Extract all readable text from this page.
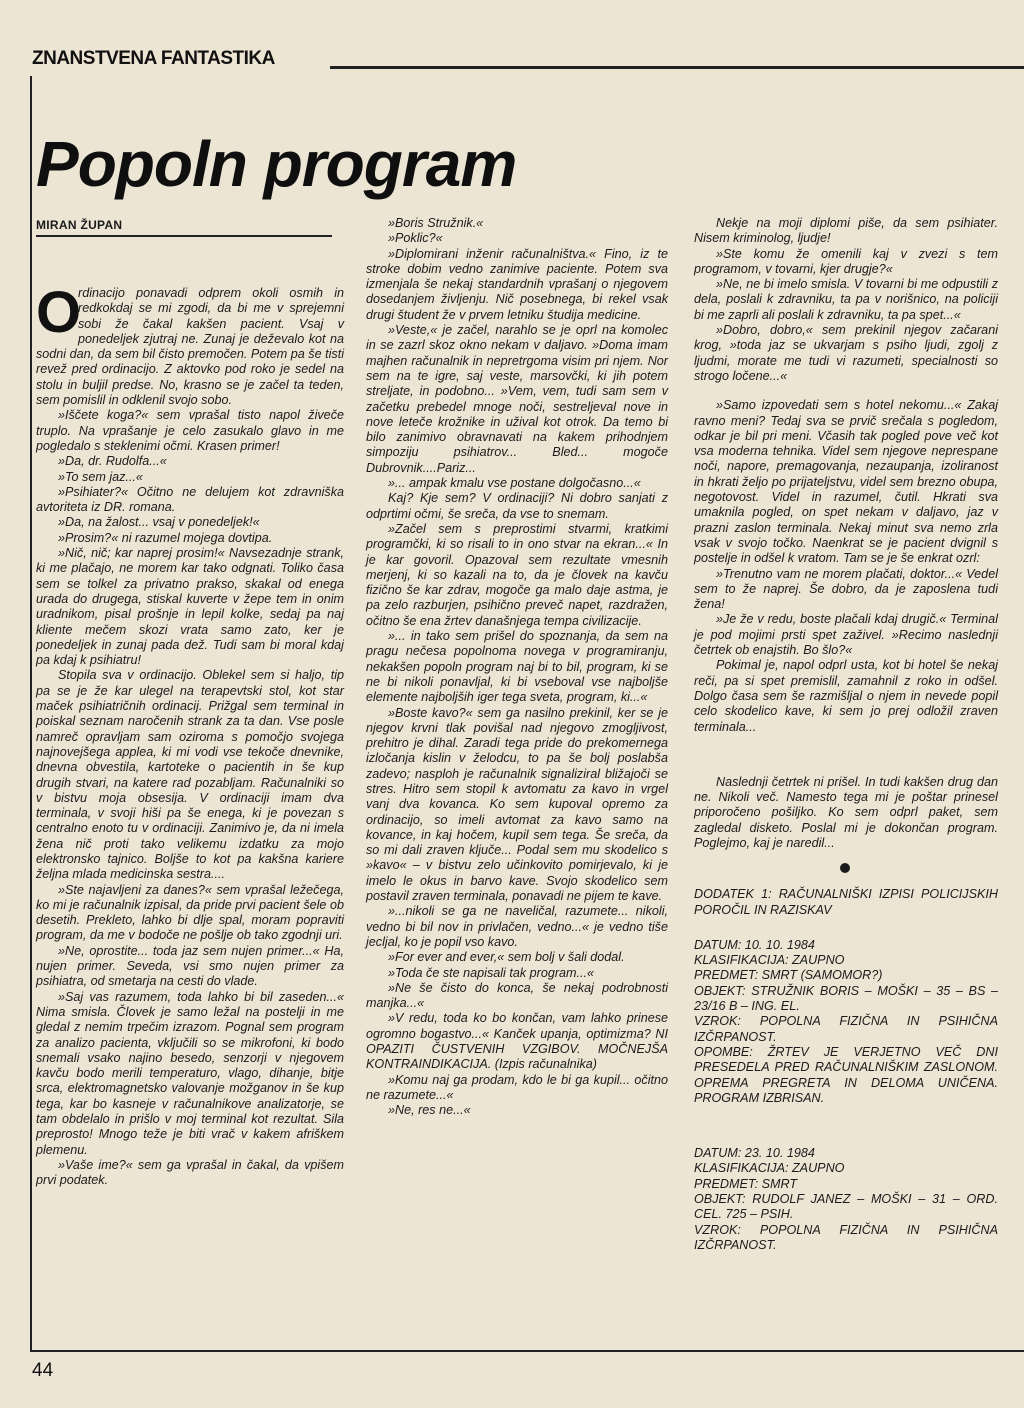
ZNANSTVENA FANTASTIKA
Popoln program
MIRAN ŽUPAN
O

rdinacijo ponavadi odprem okoli osmih in redkokdaj se mi zgodi, da bi me v sprejemni sobi že čakal kakšen pacient. Vsaj v ponedeljek zjutraj ne. Zunaj je deževalo kot na sodni dan, da sem bil čisto premočen. Potem pa še tisti revež pred ordinacijo. Z aktovko pod roko je sedel na stolu in buljil predse. No, krasno se je začel ta teden, sem pomislil in odklenil svojo sobo.

»Iščete koga?« sem vprašal tisto napol živeče truplo. Na vprašanje je celo zasukalo glavo in me pogledalo s steklenimi očmi. Krasen primer!

»Da, dr. Rudolfa...«

»To sem jaz...«

»Psihiater?« Očitno ne delujem kot zdravniška avtoriteta iz DR. romana.

»Da, na žalost... vsaj v ponedeljek!«

»Prosim?« ni razumel mojega dovtipa.

»Nič, nič; kar naprej prosim!« Navsezadnje strank, ki me plačajo, ne morem kar tako odgnati. Toliko časa sem se tolkel za privatno prakso, skakal od enega urada do drugega, stiskal kuverte v žepe tem in onim uradnikom, pisal prošnje in lepil kolke, sedaj pa naj kliente mečem skozi vrata samo zato, ker je ponedeljek in zunaj pada dež. Tudi sam bi moral kdaj pa kdaj k psihiatru!

Stopila sva v ordinacijo. Oblekel sem si haljo, tip pa se je že kar ulegel na terapevtski stol, kot star maček psihiatričnih ordinacij. Prižgal sem terminal in poiskal seznam naročenih strank za ta dan. Vse posle namreč opravljam sam oziroma s pomočjo svojega najnovejšega applea, ki mi vodi vse tekoče dnevnike, dnevna obvestila, kartoteke o pacientih in še kup drugih stvari, na katere rad pozabljam. Računalniki so v bistvu moja obsesija. V ordinaciji imam dva terminala, v svoji hiši pa še enega, ki je povezan s centralno enoto tu v ordinaciji. Zanimivo je, da ni imela žena nič proti tako velikemu izdatku za mojo elektronsko tajnico. Boljše to kot pa kakšna kariere željna mlada medicinska sestra....

»Ste najavljeni za danes?« sem vprašal ležečega, ko mi je računalnik izpisal, da pride prvi pacient šele ob desetih. Prekleto, lahko bi dlje spal, moram popraviti program, da me v bodoče ne pošlje ob tako zgodnji uri.

»Ne, oprostite... toda jaz sem nujen primer...« Ha, nujen primer. Seveda, vsi smo nujen primer za psihiatra, od smetarja na cesti do vlade.

»Saj vas razumem, toda lahko bi bil zaseden...« Nima smisla. Človek je samo ležal na postelji in me gledal z nemim trpečim izrazom. Pognal sem program za analizo pacienta, vključili so se mikrofoni, ki bodo snemali vsako najino besedo, senzorji v njegovem kavču bodo merili temperaturo, vlago, dihanje, bitje srca, elektromagnetsko valovanje možganov in še kup tega, kar bo kasneje v računalnikove analizatorje, se tam obdelalo in prišlo v moj terminal kot rezultat. Sila preprosto! Mnogo teže je biti vrač v kakem afriškem plemenu.

»Vaše ime?« sem ga vprašal in čakal, da vpišem prvi podatek.

»Boris Stružnik.«

»Poklic?«

»Diplomirani inženir računalništva.« Fino, iz te stroke dobim vedno zanimive paciente. Potem sva izmenjala še nekaj standardnih vprašanj o njegovem dosedanjem življenju. Nič posebnega, bi rekel vsak drugi študent že v prvem letniku študija medicine.

»Veste,« je začel, narahlo se je oprl na komolec in se zazrl skoz okno nekam v daljavo. »Doma imam majhen računalnik in nepretrgoma visim pri njem. Nor sem na te igre, saj veste, marsovčki, ki jih potem streljate, in podobno... »Vem, vem, tudi sam sem v začetku prebedel mnoge noči, sestreljeval nove in nove leteče krožnike in užival kot otrok. Da temo bi bilo zanimivo obravnavati na kakem prihodnjem simpoziju psihiatrov... Bled... mogoče Dubrovnik....Pariz...

»... ampak kmalu vse postane dolgočasno...«

Kaj? Kje sem? V ordinaciji? Ni dobro sanjati z odprtimi očmi, še sreča, da vse to snemam.

»Začel sem s preprostimi stvarmi, kratkimi programčki, ki so risali to in ono stvar na ekran...« In je kar govoril. Opazoval sem rezultate vmesnih merjenj, ki so kazali na to, da je človek na kavču fizično še kar zdrav, mogoče ga malo daje astma, je pa zelo razburjen, psihično preveč napet, razdražen, očitno še ena žrtev današnjega tempa civilizacije.

»... in tako sem prišel do spoznanja, da sem na pragu nečesa popolnoma novega v programiranju, nekakšen popoln program naj bi to bil, program, ki se ne bi nikoli ponavljal, ki bi vseboval vse najboljše elemente najboljših iger tega sveta, program, ki...«

»Boste kavo?« sem ga nasilno prekinil, ker se je njegov krvni tlak povišal nad njegovo zmogljivost, prehitro je dihal. Zaradi tega pride do prekomernega izločanja kislin v želodcu, to pa še bolj poslabša zadevo; nasploh je računalnik signaliziral bližajoči se stres. Hitro sem stopil k avtomatu za kavo in vrgel vanj dva kovanca. Ko sem kupoval opremo za ordinacijo, so imeli avtomat za kavo samo na kovance, in kaj hočem, kupil sem tega. Še sreča, da so mi dali zraven ključe... Podal sem mu skodelico s »kavo« – v bistvu zelo učinkovito pomirjevalo, ki je imelo le okus in barvo kave. Svojo skodelico sem postavil zraven terminala, ponavadi ne pijem te kave.

»...nikoli se ga ne naveličal, razumete... nikoli, vedno bi bil nov in privlačen, vedno...« je vedno tiše jecljal, ko je popil vso kavo.

»For ever and ever,« sem bolj v šali dodal.

»Toda če ste napisali tak program...«

»Ne še čisto do konca, še nekaj podrobnosti manjka...«

»V redu, toda ko bo končan, vam lahko prinese ogromno bogastvo...« Kanček upanja, optimizma? NI OPAZITI ČUSTVENIH VZGIBOV. MOČNEJŠA KONTRAINDIKACIJA. (Izpis računalnika)

»Komu naj ga prodam, kdo le bi ga kupil... očitno ne razumete...«

»Ne, res ne...«

Nekje na moji diplomi piše, da sem psihiater. Nisem kriminolog, ljudje!

»Ste komu že omenili kaj v zvezi s tem programom, v tovarni, kjer drugje?«

»Ne, ne bi imelo smisla. V tovarni bi me odpustili z dela, poslali k zdravniku, ta pa v norišnico, na policiji bi me zaprli ali poslali k zdravniku, ta pa spet...«

»Dobro, dobro,« sem prekinil njegov začarani krog, »toda jaz se ukvarjam s psiho ljudi, zgolj z ljudmi, morate me tudi vi razumeti, specialnosti so strogo ločene...«

»Samo izpovedati sem s hotel nekomu...« Zakaj ravno meni? Tedaj sva se prvič srečala s pogledom, odkar je bil pri meni. Včasih tak pogled pove več kot vsa moderna tehnika. Videl sem njegove neprespane noči, napore, premagovanja, nezaupanja, izoliranost in hkrati željo po prijateljstvu, videl sem brezno obupa, negotovost. Videl in razumel, čutil. Hkrati sva umaknila pogled, on spet nekam v daljavo, jaz v prazni zaslon terminala. Nekaj minut sva nemo zrla vsak v svojo točko. Naenkrat se je pacient dvignil s postelje in odšel k vratom. Tam se je še enkrat ozrl:

»Trenutno vam ne morem plačati, doktor...« Vedel sem to že naprej. Še dobro, da je zaposlena tudi žena!

»Je že v redu, boste plačali kdaj drugič.« Terminal je pod mojimi prsti spet zaživel. »Recimo naslednji četrtek ob enajstih. Bo šlo?«

Pokimal je, napol odprl usta, kot bi hotel še nekaj reči, pa si spet premislil, zamahnil z roko in odšel. Dolgo časa sem še razmišljal o njem in nevede popil celo skodelico kave, ki sem jo prej odložil zraven terminala...

Naslednji četrtek ni prišel. In tudi kakšen drug dan ne. Nikoli več. Namesto tega mi je poštar prinesel priporočeno pošiljko. Ko sem odprl paket, sem zagledal disketo. Poslal mi je dokončan program. Poglejmo, kaj je naredil...

DODATEK 1: RAČUNALNIŠKI IZPISI POLICIJSKIH POROČIL IN RAZISKAV
DATUM: 10. 10. 1984
KLASIFIKACIJA: ZAUPNO
PREDMET: SMRT (SAMOMOR?)
OBJEKT: STRUŽNIK BORIS – MOŠKI – 35 – BS – 23/16 B – ING. EL.
VZROK: POPOLNA FIZIČNA IN PSIHIČNA IZČRPANOST.
OPOMBE: ŽRTEV JE VERJETNO VEČ DNI PRESEDELA PRED RAČUNALNIŠKIM ZASLONOM. OPREMA PREGRETA IN DELOMA UNIČENA. PROGRAM IZBRISAN.
DATUM: 23. 10. 1984
KLASIFIKACIJA: ZAUPNO
PREDMET: SMRT
OBJEKT: RUDOLF JANEZ – MOŠKI – 31 – ORD. CEL. 725 – PSIH.
VZROK: POPOLNA FIZIČNA IN PSIHIČNA IZČRPANOST.
44
